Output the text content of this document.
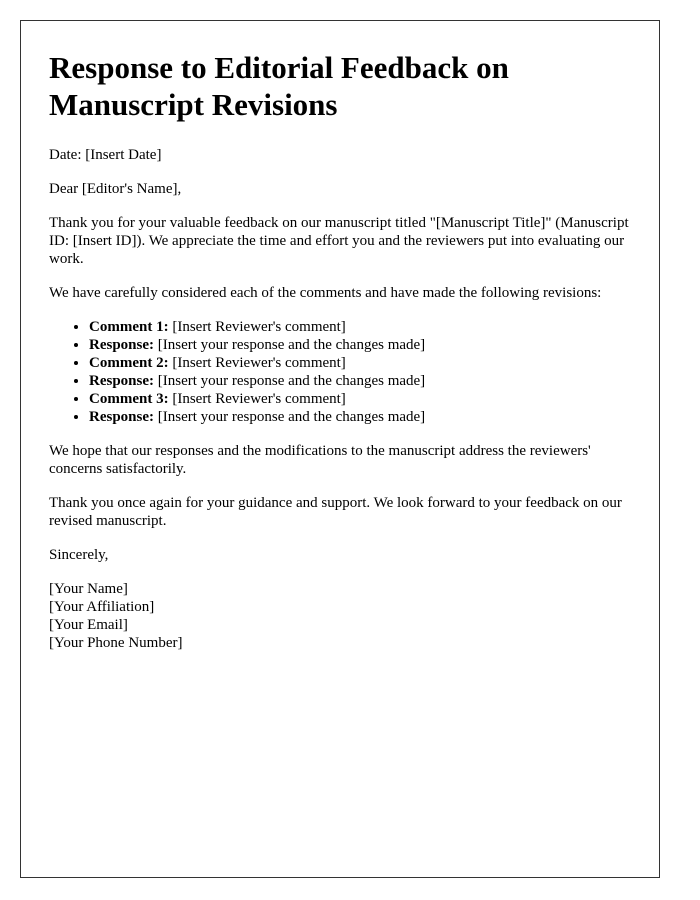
Response to Editorial Feedback on Manuscript Revisions

Date: [Insert Date]

Dear [Editor's Name],

Thank you for your valuable feedback on our manuscript titled "[Manuscript Title]" (Manuscript ID: [Insert ID]). We appreciate the time and effort you and the reviewers put into evaluating our work.

We have carefully considered each of the comments and have made the following revisions:

• Comment 1: [Insert Reviewer's comment]
• Response: [Insert your response and the changes made]
• Comment 2: [Insert Reviewer's comment]
• Response: [Insert your response and the changes made]
• Comment 3: [Insert Reviewer's comment]
• Response: [Insert your response and the changes made]

We hope that our responses and the modifications to the manuscript address the reviewers' concerns satisfactorily.

Thank you once again for your guidance and support. We look forward to your feedback on our revised manuscript.

Sincerely,

[Your Name]
[Your Affiliation]
[Your Email]
[Your Phone Number]
